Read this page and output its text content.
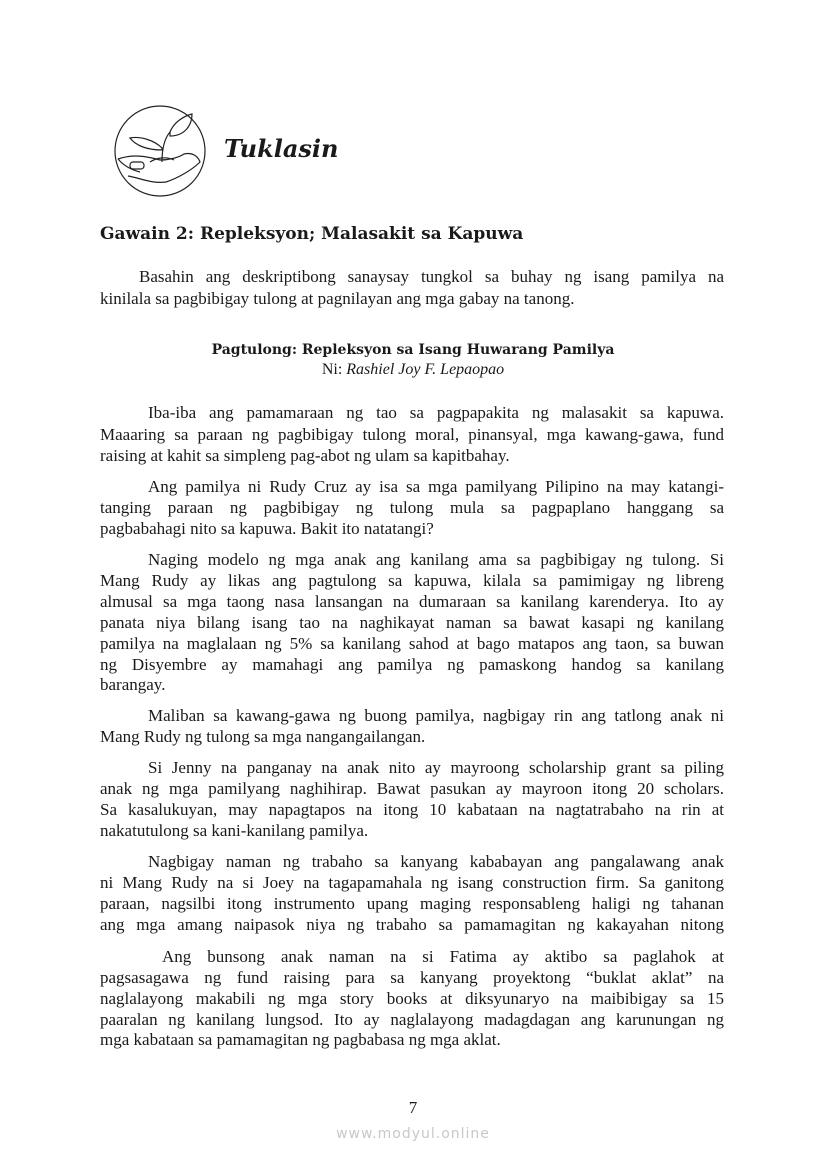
Tuklasin
Gawain 2: Repleksyon; Malasakit sa Kapuwa
Basahin ang deskriptibong sanaysay tungkol sa buhay ng isang pamilya na
kinilala sa pagbibigay tulong at pagnilayan ang mga gabay na tanong.
Pagtulong: Repleksyon sa Isang Huwarang Pamilya
Ni: Rashiel Joy F. Lepaopao
Iba-iba ang pamamaraan ng tao sa pagpapakita ng malasakit sa kapuwa.
Maaaring sa paraan ng pagbibigay tulong moral, pinansyal, mga kawang-gawa, fund
raising at kahit sa simpleng pag-abot ng ulam sa kapitbahay.
Ang pamilya ni Rudy Cruz ay isa sa mga pamilyang Pilipino na may katangi-
tanging paraan ng pagbibigay ng tulong mula sa pagpaplano hanggang sa
pagbabahagi nito sa kapuwa. Bakit ito natatangi?
Naging modelo ng mga anak ang kanilang ama sa pagbibigay ng tulong. Si
Mang Rudy ay likas ang pagtulong sa kapuwa, kilala sa pamimigay ng libreng
almusal sa mga taong nasa lansangan na dumaraan sa kanilang karenderya. Ito ay
panata niya bilang isang tao na naghikayat naman sa bawat kasapi ng kanilang
pamilya na maglalaan ng 5% sa kanilang sahod at bago matapos ang taon, sa buwan
ng Disyembre ay mamahagi ang pamilya ng pamaskong handog sa kanilang
barangay.
Maliban sa kawang-gawa ng buong pamilya, nagbigay rin ang tatlong anak ni
Mang Rudy ng tulong sa mga nangangailangan.
Si Jenny na panganay na anak nito ay mayroong scholarship grant sa piling
anak ng mga pamilyang naghihirap. Bawat pasukan ay mayroon itong 20 scholars.
Sa kasalukuyan, may napagtapos na itong 10 kabataan na nagtatrabaho na rin at
nakatutulong sa kani-kanilang pamilya.
Nagbigay naman ng trabaho sa kanyang kababayan ang pangalawang anak
ni Mang Rudy na si Joey na tagapamahala ng isang construction firm. Sa ganitong
paraan, nagsilbi itong instrumento upang maging responsableng haligi ng tahanan
ang mga amang naipasok niya ng trabaho sa pamamagitan ng kakayahan nitong
Ang bunsong anak naman na si Fatima ay aktibo sa paglahok at
pagsasagawa ng fund raising para sa kanyang proyektong “buklat aklat” na
naglalayong makabili ng mga story books at diksyunaryo na maibibigay sa 15
paaralan ng kanilang lungsod. Ito ay naglalayong madagdagan ang karunungan ng
mga kabataan sa pamamagitan ng pagbabasa ng mga aklat.
7
www.modyul.online
